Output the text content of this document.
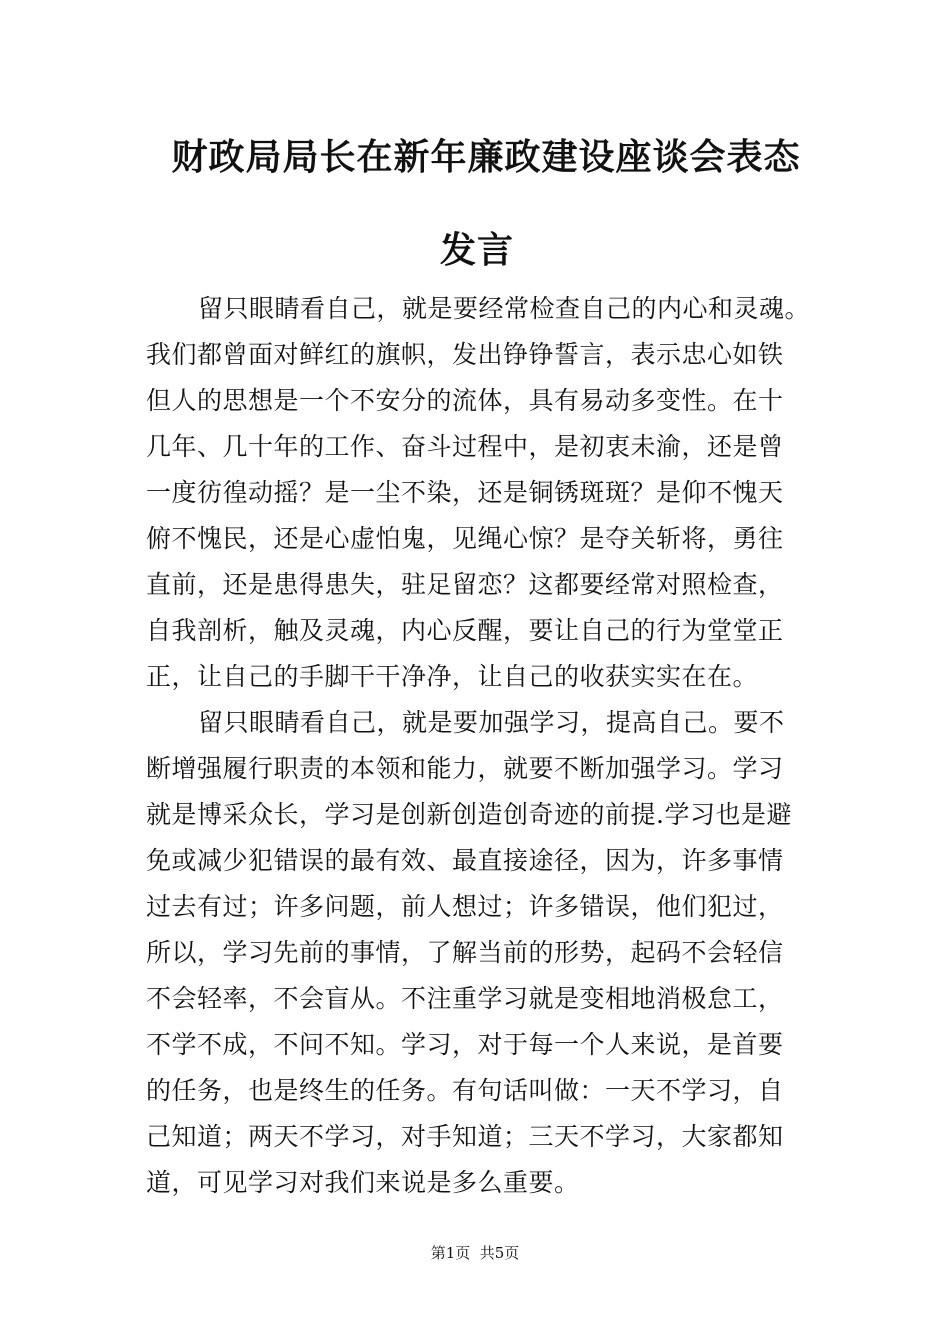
财政局局长在新年廉政建设座谈会表态
发言
留只眼睛看自己，就是要经常检查自己的内心和灵魂。
我们都曾面对鲜红的旗帜，发出铮铮誓言，表示忠心如铁
但人的思想是一个不安分的流体，具有易动多变性。在十
几年、几十年的工作、奋斗过程中，是初衷未渝，还是曾
一度彷徨动摇？是一尘不染，还是铜锈斑斑？是仰不愧天
俯不愧民，还是心虚怕鬼，见绳心惊？是夺关斩将，勇往
直前，还是患得患失，驻足留恋？这都要经常对照检查，
自我剖析，触及灵魂，内心反醒，要让自己的行为堂堂正
正，让自己的手脚干干净净，让自己的收获实实在在。
留只眼睛看自己，就是要加强学习，提高自己。要不
断增强履行职责的本领和能力，就要不断加强学习。学习
就是博采众长，学习是创新创造创奇迹的前提.学习也是避
免或减少犯错误的最有效、最直接途径，因为，许多事情
过去有过；许多问题，前人想过；许多错误，他们犯过，
所以，学习先前的事情，了解当前的形势，起码不会轻信
不会轻率，不会盲从。不注重学习就是变相地消极怠工，
不学不成，不问不知。学习，对于每一个人来说，是首要
的任务，也是终生的任务。有句话叫做：一天不学习，自
己知道；两天不学习，对手知道；三天不学习，大家都知
道，可见学习对我们来说是多么重要。
第1页  共5页
